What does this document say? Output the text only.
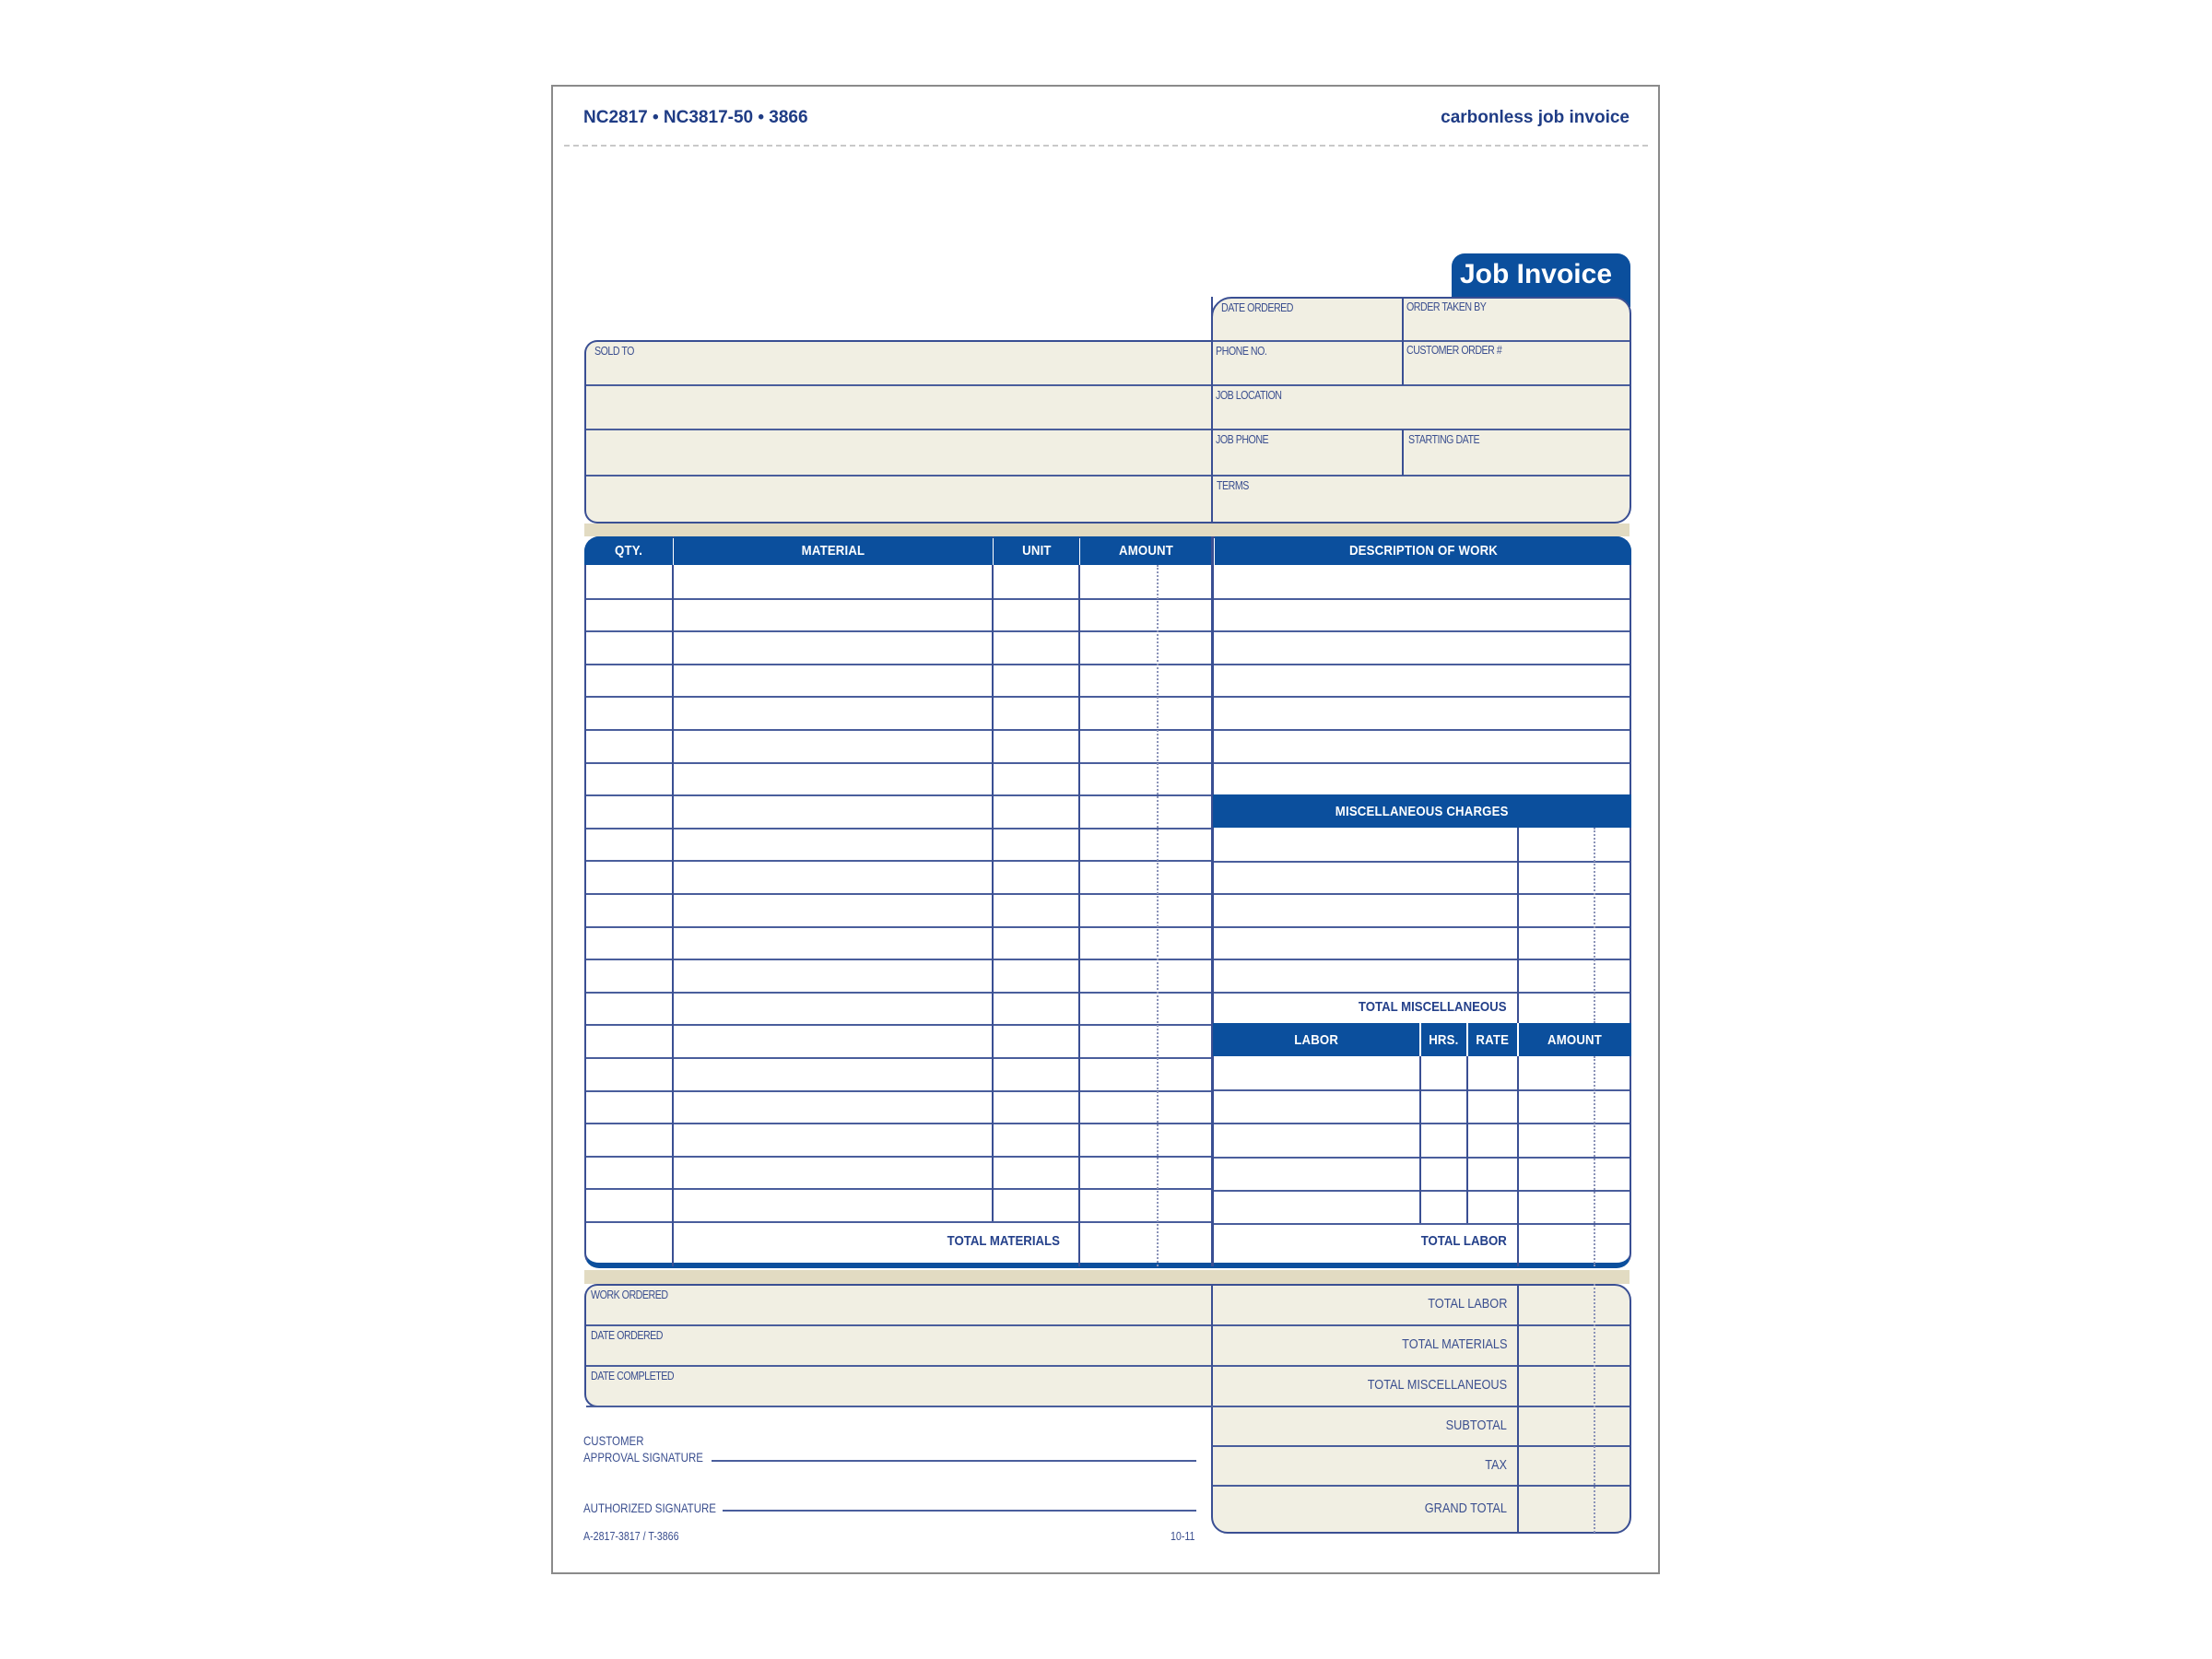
NC2817 • NC3817-50 • 3866	carbonless job invoice
Job Invoice
SOLD TO
DATE ORDERED	ORDER TAKEN BY
PHONE NO.	CUSTOMER ORDER #
JOB LOCATION
JOB PHONE	STARTING DATE
TERMS
QTY.	MATERIAL	UNIT	AMOUNT	DESCRIPTION OF WORK
TOTAL MATERIALS
MISCELLANEOUS CHARGES
TOTAL MISCELLANEOUS
LABOR	HRS. RATE	AMOUNT
TOTAL LABOR
WORK ORDERED
DATE ORDERED
DATE COMPLETED
TOTAL LABOR
TOTAL MATERIALS
TOTAL MISCELLANEOUS
SUBTOTAL
TAX
GRAND TOTAL
CUSTOMER
APPROVAL SIGNATURE
AUTHORIZED SIGNATURE
A-2817-3817 / T-3866	10-11
